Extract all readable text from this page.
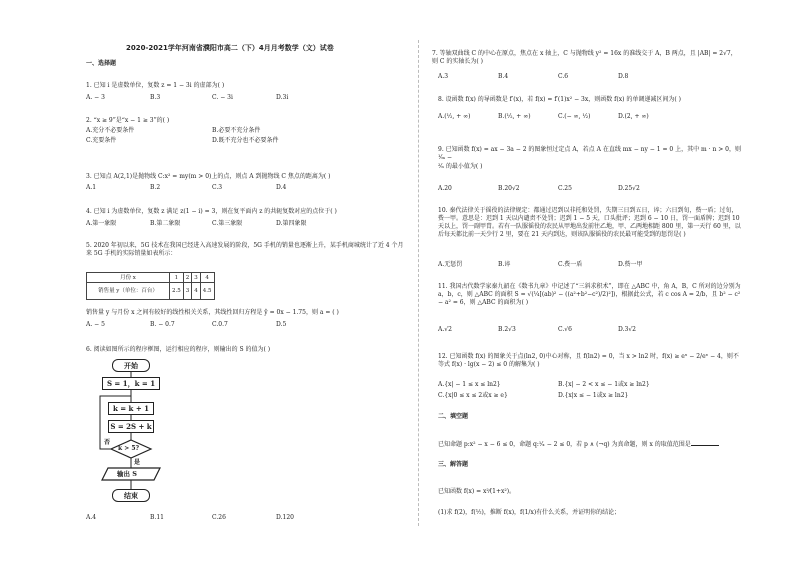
2020-2021学年河南省濮阳市高二（下）4月月考数学（文）试卷
一、选择题
1. 已知 i 是虚数单位，复数 z = 1 − 3i 的虚部为( )
A. − 3	B.3	C. − 3i	D.3i
2. “x ≥ 9”是“x − 1 ≥ 3”的( )
A.充分不必要条件	B.必要不充分条件
C.充要条件	D.既不充分也不必要条件
3. 已知点 A(2,1)是抛物线 C:x² = my(m > 0)上的点，则点 A 到抛物线 C 焦点的距离为( )
A.1	B.2	C.3	D.4
4. 已知 i 为虚数单位，复数 z 满足 z(1 − i) = 3，则在复平面内 z 的共轭复数对应的点位于( )
A.第一象限	B.第二象限	C.第三象限	D.第四象限
5. 2020 年初以来，5G 技术在我国已经进入高速发展的阶段，5G 手机的销量也逐渐上升，某手机商城统计了近 4 个月来 5G 手机的实际销量如表所示：
月份 x	1	2	3	4
销售量 y（单位：百台）	2.5	3	4	4.5
销售量 y 与月份 x 之间有较好的线性相关关系，其线性回归方程是 ŷ = 0x − 1.75，则 a = ( )
A. − 5	B. − 0.7	C.0.7	D.5
6. 阅读如图所示的程序框图，运行相应的程序，则输出的 S 的值为( )
开始
S = 1，k = 1
k = k + 1
S = 2S + k
k > 5?
否
是
输出 S
结束
A.4	B.11	C.26	D.120
7. 等轴双曲线 C 的中心在原点，焦点在 x 轴上，C 与抛物线 y² = 16x 的准线交于 A，B 两点，且 |AB| = 2√7，则 C 的实轴长为( )
A.3	B.4	C.6	D.8
8. 设函数 f(x) 的导函数是 f′(x)，若 f(x) = f′(1)x² − 3x，则函数 f(x) 的单调递减区间为( )
A.(¹⁄₂, + ∞)	B.(¹⁄₂, + ∞)	C.(− ∞, ¹⁄₂)	D.(2, + ∞)
9. 已知函数 f(x) = ax − 3a − 2 的图象恒过定点 A，若点 A 在直线 mx − ny − 1 = 0 上，其中 m · n > 0，则 ¹⁄ₘ −
²⁄ₙ 的最小值为( )
A.20	B.20√2	C.25	D.25√2
10. 秦代法律关于徭役的法律规定：都通过迟到以非托和处罚，失期三日到五日，谇；六日到旬，赀一盾；过旬，赀一甲。意思是：迟到 1 天以内谴责不处罚；迟到 1 − 5 天，口头批评；迟到 6 − 10 日，罚一面盾牌；迟到 10 天以上，罚一副甲胄。若有一队服徭役的农民从甲地出发前往乙地，甲、乙两地相距 800 里，第一天行 60 里，以后每天都比前一天少行 2 里，要在 21 天内到达，则该队服徭役的农民最可能受到的惩罚是( )
A.无惩罚	B.谇	C.赀一盾	D.赀一甲
11. 我国古代数学家秦九韶在《数书九章》中记述了“三斜求积术”，即在 △ABC 中，角 A，B，C 所对的边分别为 a，b，c，则 △ABC 的面积 S = √(¼[(ab)² − ((a²+b²−c²)/2)²])，根据此公式，若 c cos A = 2/b，且 b² − c² − a² = 6，则 △ABC 的面积为( )
A.√2	B.2√3	C.√6	D.3√2
12. 已知函数 f(x) 的图象关于点(ln2, 0)中心对称，且 f(ln2) = 0，当 x > ln2 时，f(x) ≥ eˣ − 2/eˣ − 4，则不等式 f(x) · lg(x − 2) ≤ 0 的解集为( )
A.{x| − 1 ≤ x ≤ ln2}	B.{x| − 2 < x ≤ − 1或x ≥ ln2}
C.{x|0 ≤ x ≤ 2或x ≥ e}	D.{x|x ≤ − 1或x ≥ ln2}
二、填空题
已知命题 p:x² − x − 6 ≤ 0，命题 q:¹⁄ₓ − 2 ≤ 0，若 p ∧ (¬q) 为真命题，则 x 的取值范围是
三、解答题
已知函数 f(x) = x²⁄(1+x²)。
(1)求 f(2)，f(½)，推断 f(x)，f(1/x)有什么关系，并证明你的结论；
